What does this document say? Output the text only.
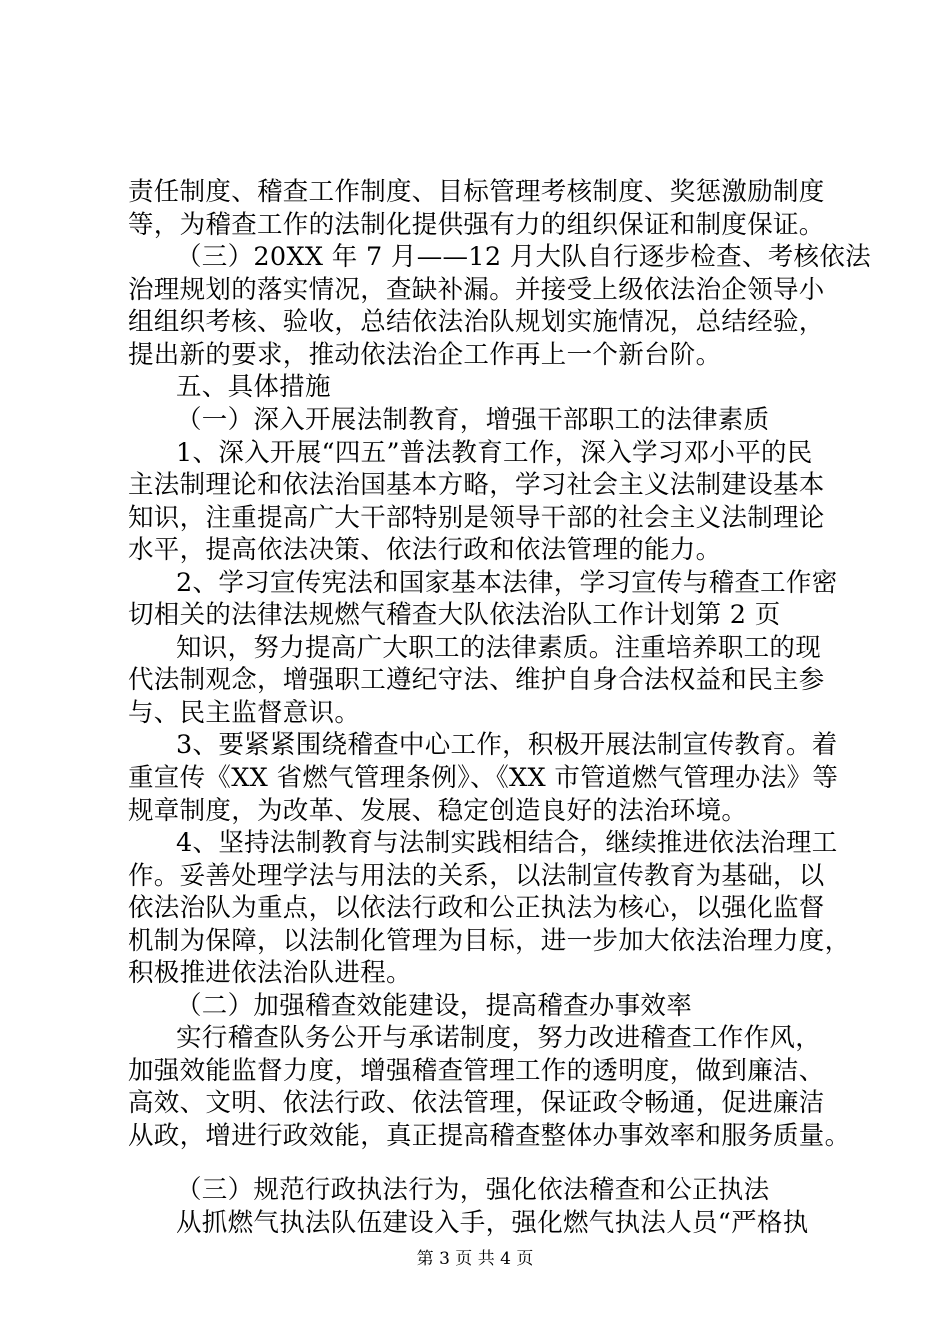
责任制度、稽查工作制度、目标管理考核制度、奖惩激励制度
等，为稽查工作的法制化提供强有力的组织保证和制度保证。
（三）20XX 年 7 月——12 月大队自行逐步检查、考核依法
治理规划的落实情况，查缺补漏。并接受上级依法治企领导小
组组织考核、验收，总结依法治队规划实施情况，总结经验，
提出新的要求，推动依法治企工作再上一个新台阶。
五、具体措施
（一）深入开展法制教育，增强干部职工的法律素质
1、深入开展“四五”普法教育工作，深入学习邓小平的民
主法制理论和依法治国基本方略，学习社会主义法制建设基本
知识，注重提高广大干部特别是领导干部的社会主义法制理论
水平，提高依法决策、依法行政和依法管理的能力。
2、学习宣传宪法和国家基本法律，学习宣传与稽查工作密
切相关的法律法规燃气稽查大队依法治队工作计划第 2 页
知识，努力提高广大职工的法律素质。注重培养职工的现
代法制观念，增强职工遵纪守法、维护自身合法权益和民主参
与、民主监督意识。
3、要紧紧围绕稽查中心工作，积极开展法制宣传教育。着
重宣传《XX 省燃气管理条例》、《XX 市管道燃气管理办法》等
规章制度，为改革、发展、稳定创造良好的法治环境。
4、坚持法制教育与法制实践相结合，继续推进依法治理工
作。妥善处理学法与用法的关系，以法制宣传教育为基础，以
依法治队为重点，以依法行政和公正执法为核心，以强化监督
机制为保障，以法制化管理为目标，进一步加大依法治理力度，
积极推进依法治队进程。
（二）加强稽查效能建设，提高稽查办事效率
实行稽查队务公开与承诺制度，努力改进稽查工作作风，
加强效能监督力度，增强稽查管理工作的透明度，做到廉洁、
高效、文明、依法行政、依法管理，保证政令畅通，促进廉洁
从政，增进行政效能，真正提高稽查整体办事效率和服务质量。
（三）规范行政执法行为，强化依法稽查和公正执法
从抓燃气执法队伍建设入手，强化燃气执法人员“严格执
第 3 页 共 4 页
